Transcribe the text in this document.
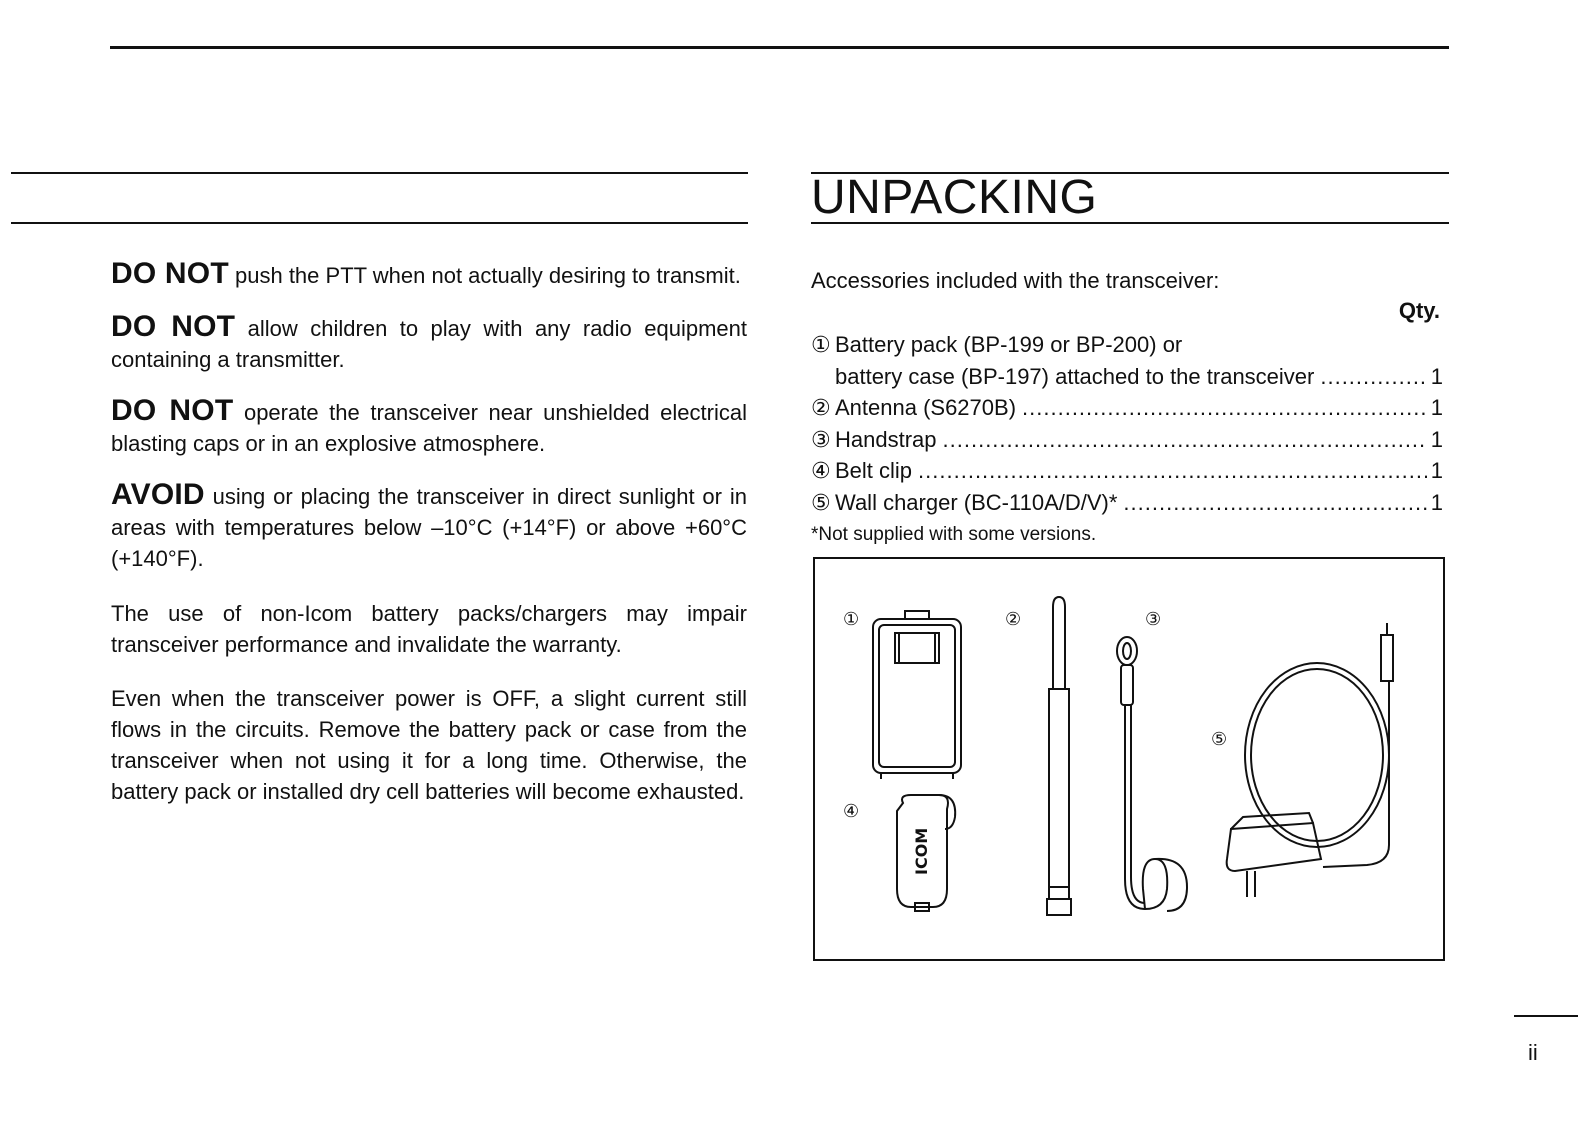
DO NOT push the PTT when not actually desiring to transmit.

DO NOT allow children to play with any radio equipment containing a transmitter.

DO NOT operate the transceiver near unshielded electrical blasting caps or in an explosive atmosphere.

AVOID using or placing the transceiver in direct sunlight or in areas with temperatures below –10°C (+14°F) or above +60°C (+140°F).

The use of non-Icom battery packs/chargers may impair transceiver performance and invalidate the warranty.

Even when the transceiver power is OFF, a slight current still flows in the circuits. Remove the battery pack or case from the transceiver when not using it for a long time. Otherwise, the battery pack or installed dry cell batteries will become exhausted.

UNPACKING
Accessories included with the transceiver:
Qty.
① Battery pack (BP-199 or BP-200) or
battery case (BP-197) attached to the transceiver .....	1
② Antenna (S6270B) .....	1
③ Handstrap .....	1
④ Belt clip .....	1
⑤ Wall charger (BC-110A/D/V)* .....	1
*Not supplied with some versions.
①	②	③
④
⑤
ICOM
ii
